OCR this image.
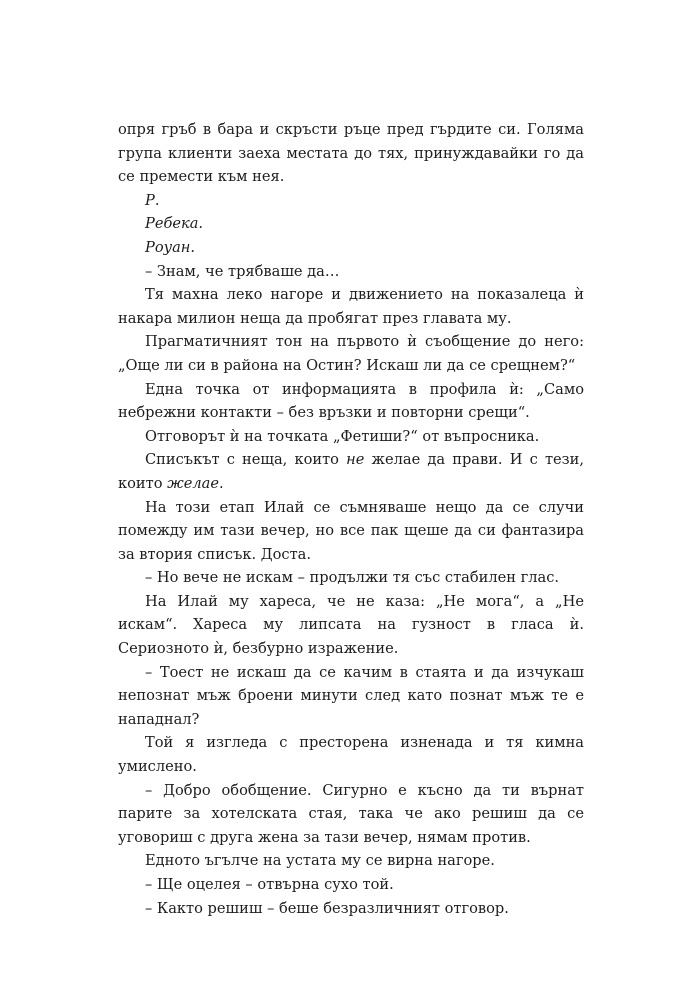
опря гръб в бара и скръсти ръце пред гърдите си. Голяма група клиенти заеха местата до тях, принуждавайки го да се премести към нея.

Р.

Ребека.

Роуан.

– Знам, че трябваше да…

Тя махна леко нагоре и движението на показалеца ѝ накара милион неща да пробягат през главата му.

Прагматичният тон на първото ѝ съобщение до него: „Още ли си в района на Остин? Искаш ли да се срещнем?“

Една точка от информацията в профила ѝ: „Само небрежни контакти – без връзки и повторни срещи“.

Отговорът ѝ на точката „Фетиши?“ от въпросника.

Списъкът с неща, които не желае да прави. И с тези, които желае.

На този етап Илай се съмняваше нещо да се случи помежду им тази вечер, но все пак щеше да си фантазира за втория списък. Доста.

– Но вече не искам – продължи тя със стабилен глас.

На Илай му хареса, че не каза: „Не мога“, а „Не искам“. Хареса му липсата на гузност в гласа ѝ. Сериозното ѝ, безбурно изражение.

– Тоест не искаш да се качим в стаята и да изчукаш непознат мъж броени минути след като познат мъж те е нападнал?

Той я изгледа с престорена изненада и тя кимна умислено.

– Добро обобщение. Сигурно е късно да ти върнат парите за хотелската стая, така че ако решиш да се уговориш с друга жена за тази вечер, нямам против.

Едното ъгълче на устата му се вирна нагоре.

– Ще оцелея – отвърна сухо той.

– Както решиш – беше безразличният отговор.
